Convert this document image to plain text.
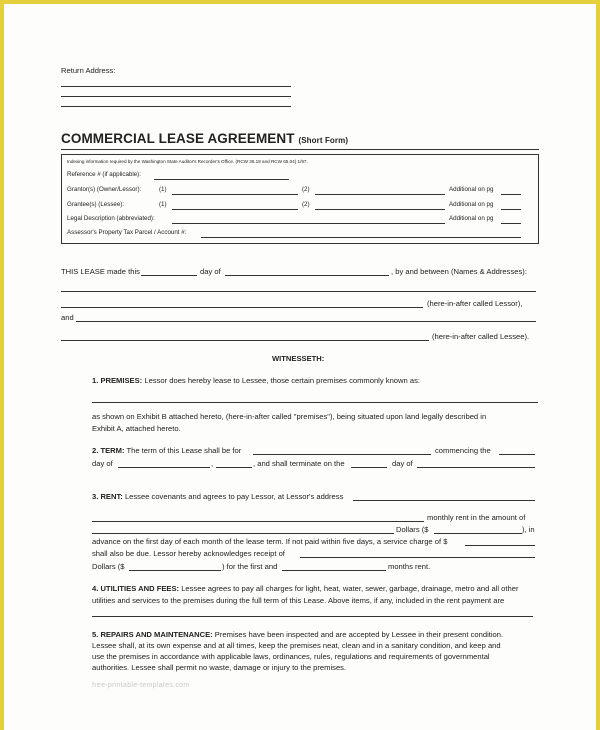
Return Address:
COMMERCIAL LEASE AGREEMENT (Short Form)
Indexing information required by the Washington State Auditor's Recorder's Office. (RCW 36.18 and RCW 65.04) 1/97.
Reference # (if applicable):
Grantor(s) (Owner/Lessor):	(1)	(2)	Additional on pg
Grantee(s) (Lessee):	(1)	(2)	Additional on pg
Legal Description (abbreviated):	Additional on pg
Assessor's Property Tax Parcel / Account #:
THIS LEASE made this	day of	, by and between (Names & Addresses):
(here-in-after called Lessor),
and
(here-in-after called Lessee).
WITNESSETH:
1. PREMISES: Lessor does hereby lease to Lessee, those certain premises commonly known as:
as shown on Exhibit B attached hereto, (here-in-after called "premises"), being situated upon land legally described in
Exhibit A, attached hereto.
2. TERM: The term of this Lease shall be for	commencing the
day of	,	, and shall terminate on the	day of
3. RENT: Lessee covenants and agrees to pay Lessor, at Lessor's address
monthly rent in the amount of
Dollars ($	), in
advance on the first day of each month of the lease term. If not paid within five days, a service charge of $
shall also be due. Lessor hereby acknowledges receipt of
Dollars ($	) for the first and	months rent.
4. UTILITIES AND FEES: Lessee agrees to pay all charges for light, heat, water, sewer, garbage, drainage, metro and all other
utilities and services to the premises during the full term of this Lease. Above items, if any, included in the rent payment are
5. REPAIRS AND MAINTENANCE: Premises have been inspected and are accepted by Lessee in their present condition.
Lessee shall, at its own expense and at all times, keep the premises neat, clean and in a sanitary condition, and keep and
use the premises in accordance with applicable laws, ordinances, rules, regulations and requirements of governmental
authorities. Lessee shall permit no waste, damage or injury to the premises.
free-printable-templates.com
